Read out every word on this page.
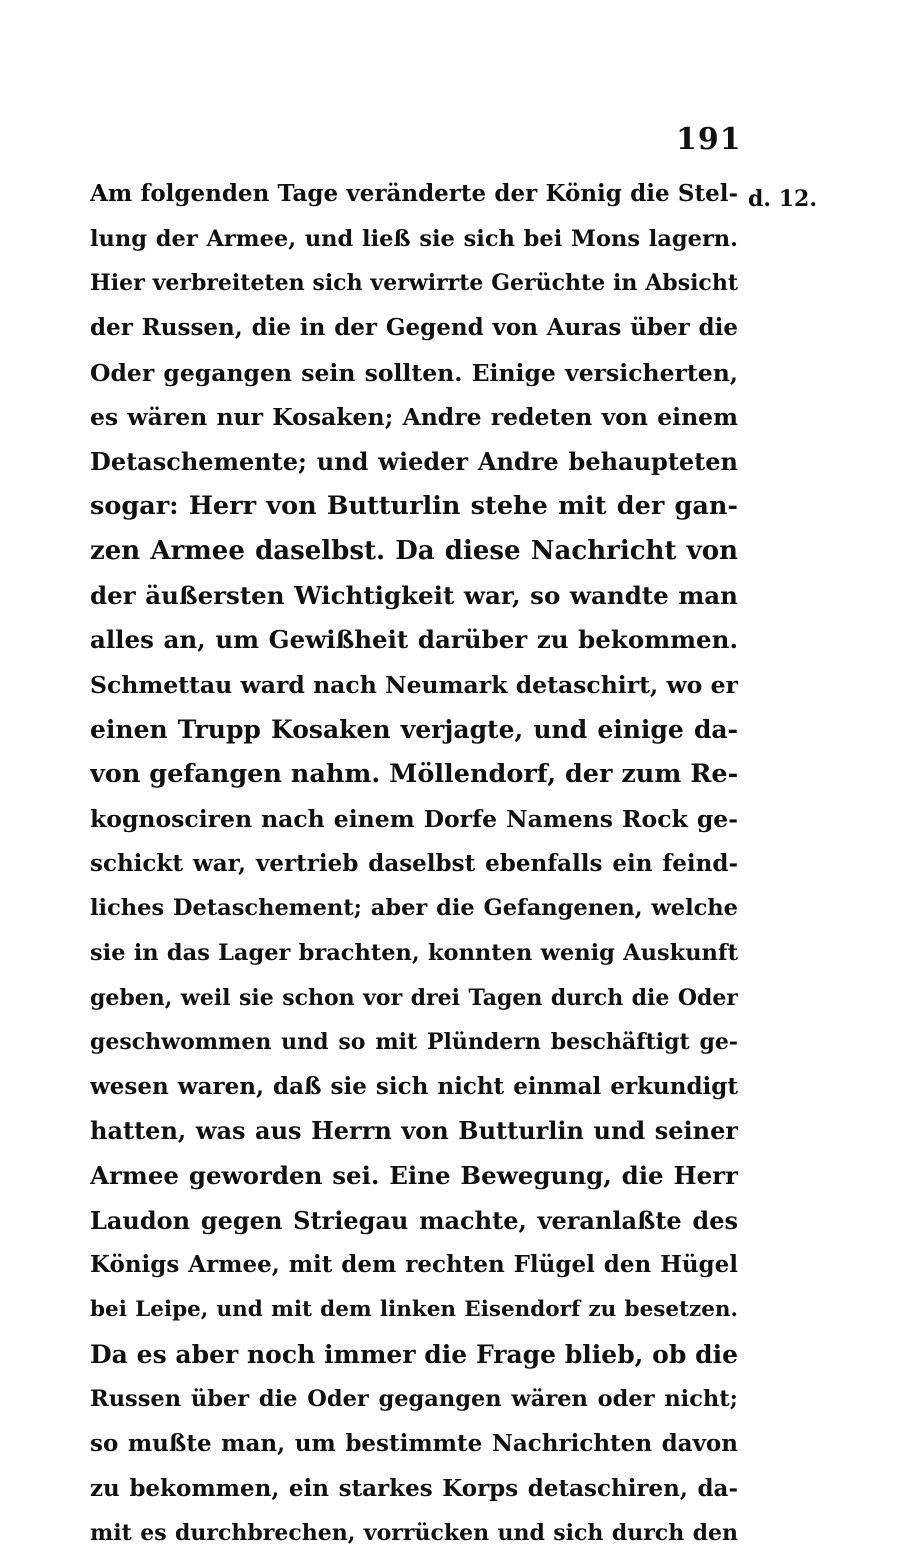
191
d. 12.
Am folgenden Tage veränderte der König die Stel-
lung der Armee, und ließ sie sich bei Mons lagern.
Hier verbreiteten sich verwirrte Gerüchte in Absicht
der Russen, die in der Gegend von Auras über die
Oder gegangen sein sollten. Einige versicherten,
es wären nur Kosaken; Andre redeten von einem
Detaschemente; und wieder Andre behaupteten
sogar: Herr von Butturlin stehe mit der gan-
zen Armee daselbst. Da diese Nachricht von
der äußersten Wichtigkeit war, so wandte man
alles an, um Gewißheit darüber zu bekommen.
Schmettau ward nach Neumark detaschirt, wo er
einen Trupp Kosaken verjagte, und einige da-
von gefangen nahm. Möllendorf, der zum Re-
kognosciren nach einem Dorfe Namens Rock ge-
schickt war, vertrieb daselbst ebenfalls ein feind-
liches Detaschement; aber die Gefangenen, welche
sie in das Lager brachten, konnten wenig Auskunft
geben, weil sie schon vor drei Tagen durch die Oder
geschwommen und so mit Plündern beschäftigt ge-
wesen waren, daß sie sich nicht einmal erkundigt
hatten, was aus Herrn von Butturlin und seiner
Armee geworden sei. Eine Bewegung, die Herr
Laudon gegen Striegau machte, veranlaßte des
Königs Armee, mit dem rechten Flügel den Hügel
bei Leipe, und mit dem linken Eisendorf zu besetzen.
Da es aber noch immer die Frage blieb, ob die
Russen über die Oder gegangen wären oder nicht;
so mußte man, um bestimmte Nachrichten davon
zu bekommen, ein starkes Korps detaschiren, da-
mit es durchbrechen, vorrücken und sich durch den
